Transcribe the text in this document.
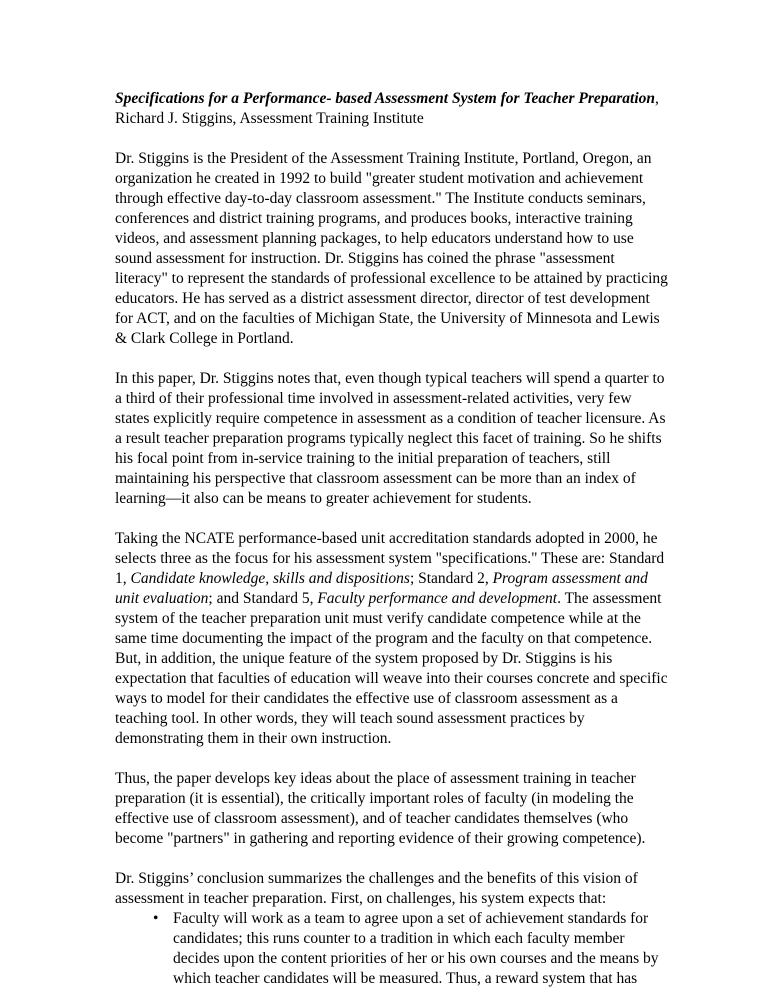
Specifications for a Performance- based Assessment System for Teacher Preparation, Richard J. Stiggins, Assessment Training Institute

Dr. Stiggins is the President of the Assessment Training Institute, Portland, Oregon, an organization he created in 1992 to build "greater student motivation and achievement through effective day-to-day classroom assessment." The Institute conducts seminars, conferences and district training programs, and produces books, interactive training videos, and assessment planning packages, to help educators understand how to use sound assessment for instruction. Dr. Stiggins has coined the phrase "assessment literacy" to represent the standards of professional excellence to be attained by practicing educators. He has served as a district assessment director, director of test development for ACT, and on the faculties of Michigan State, the University of Minnesota and Lewis & Clark College in Portland.

In this paper, Dr. Stiggins notes that, even though typical teachers will spend a quarter to a third of their professional time involved in assessment-related activities, very few states explicitly require competence in assessment as a condition of teacher licensure. As a result teacher preparation programs typically neglect this facet of training. So he shifts his focal point from in-service training to the initial preparation of teachers, still maintaining his perspective that classroom assessment can be more than an index of learning—it also can be means to greater achievement for students.

Taking the NCATE performance-based unit accreditation standards adopted in 2000, he selects three as the focus for his assessment system "specifications." These are: Standard 1, Candidate knowledge, skills and dispositions; Standard 2, Program assessment and unit evaluation; and Standard 5, Faculty performance and development. The assessment system of the teacher preparation unit must verify candidate competence while at the same time documenting the impact of the program and the faculty on that competence. But, in addition, the unique feature of the system proposed by Dr. Stiggins is his expectation that faculties of education will weave into their courses concrete and specific ways to model for their candidates the effective use of classroom assessment as a teaching tool. In other words, they will teach sound assessment practices by demonstrating them in their own instruction.

Thus, the paper develops key ideas about the place of assessment training in teacher preparation (it is essential), the critically important roles of faculty (in modeling the effective use of classroom assessment), and of teacher candidates themselves (who become "partners" in gathering and reporting evidence of their growing competence).

Dr. Stiggins’ conclusion summarizes the challenges and the benefits of this vision of assessment in teacher preparation. First, on challenges, his system expects that:
• Faculty will work as a team to agree upon a set of achievement standards for candidates; this runs counter to a tradition in which each faculty member decides upon the content priorities of her or his own courses and the means by which teacher candidates will be measured. Thus, a reward system that has
